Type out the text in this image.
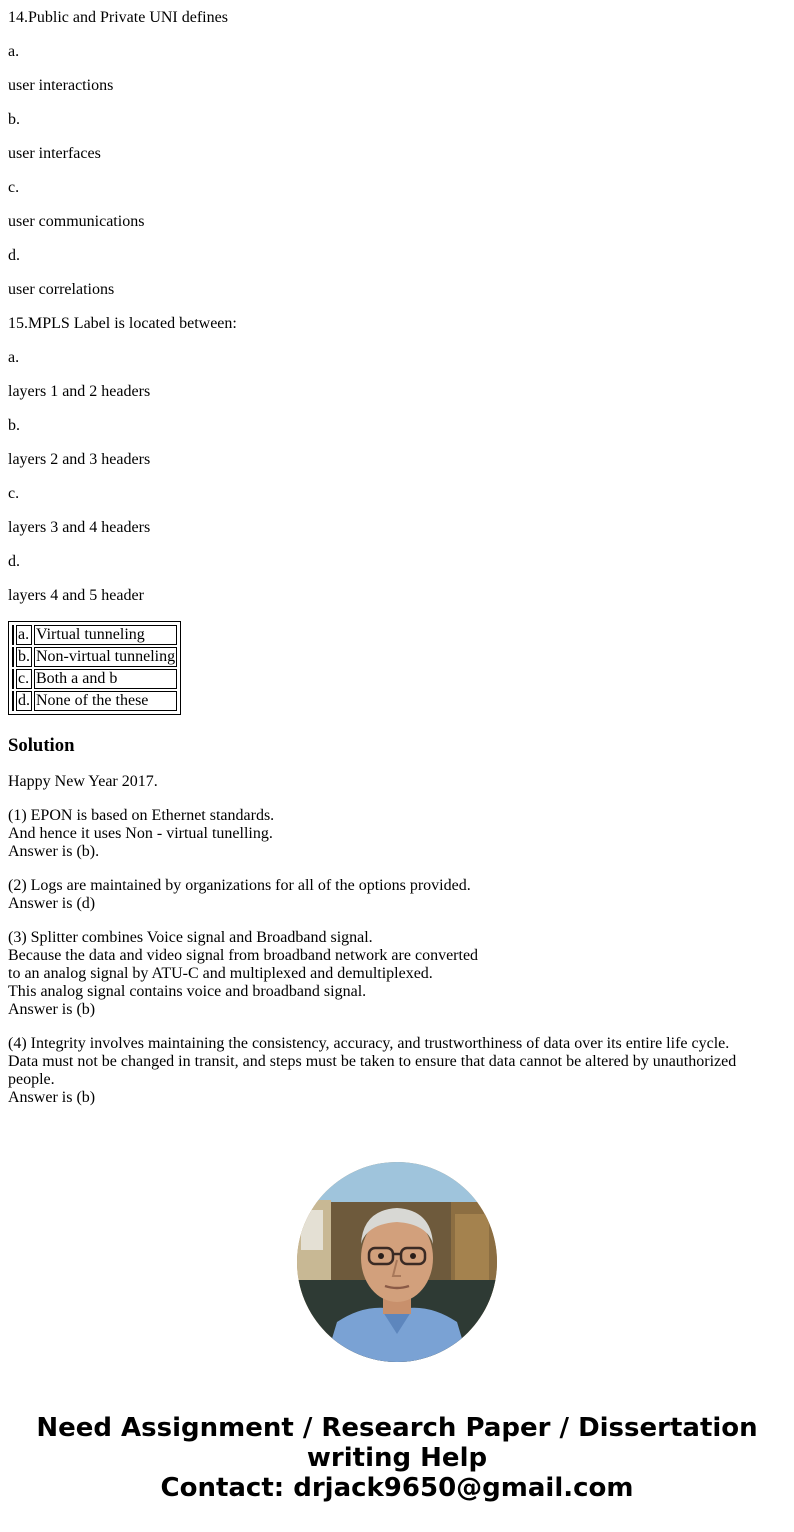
14.Public and Private UNI defines

a.

user interactions

b.

user interfaces

c.

user communications

d.

user correlations

15.MPLS Label is located between:

a.

layers 1 and 2 headers

b.

layers 2 and 3 headers

c.

layers 3 and 4 headers

d.

layers 4 and 5 header

	a.	Virtual tunneling
	b.	Non-virtual tunneling
	c.	Both a and b
	d.	None of the these
Solution

Happy New Year 2017.

(1) EPON is based on Ethernet standards.
And hence it uses Non - virtual tunelling.
Answer is (b).

(2) Logs are maintained by organizations for all of the options provided.
Answer is (d)

(3) Splitter combines Voice signal and Broadband signal.
Because the data and video signal from broadband network are converted
to an analog signal by ATU-C and multiplexed and demultiplexed.
This analog signal contains voice and broadband signal.
Answer is (b)

(4) Integrity involves maintaining the consistency, accuracy, and trustworthiness of data over its entire life cycle.
Data must not be changed in transit, and steps must be taken to ensure that data cannot be altered by unauthorized people.
Answer is (b)

Need Assignment / Research Paper / Dissertation
writing Help
Contact: drjack9650@gmail.com
